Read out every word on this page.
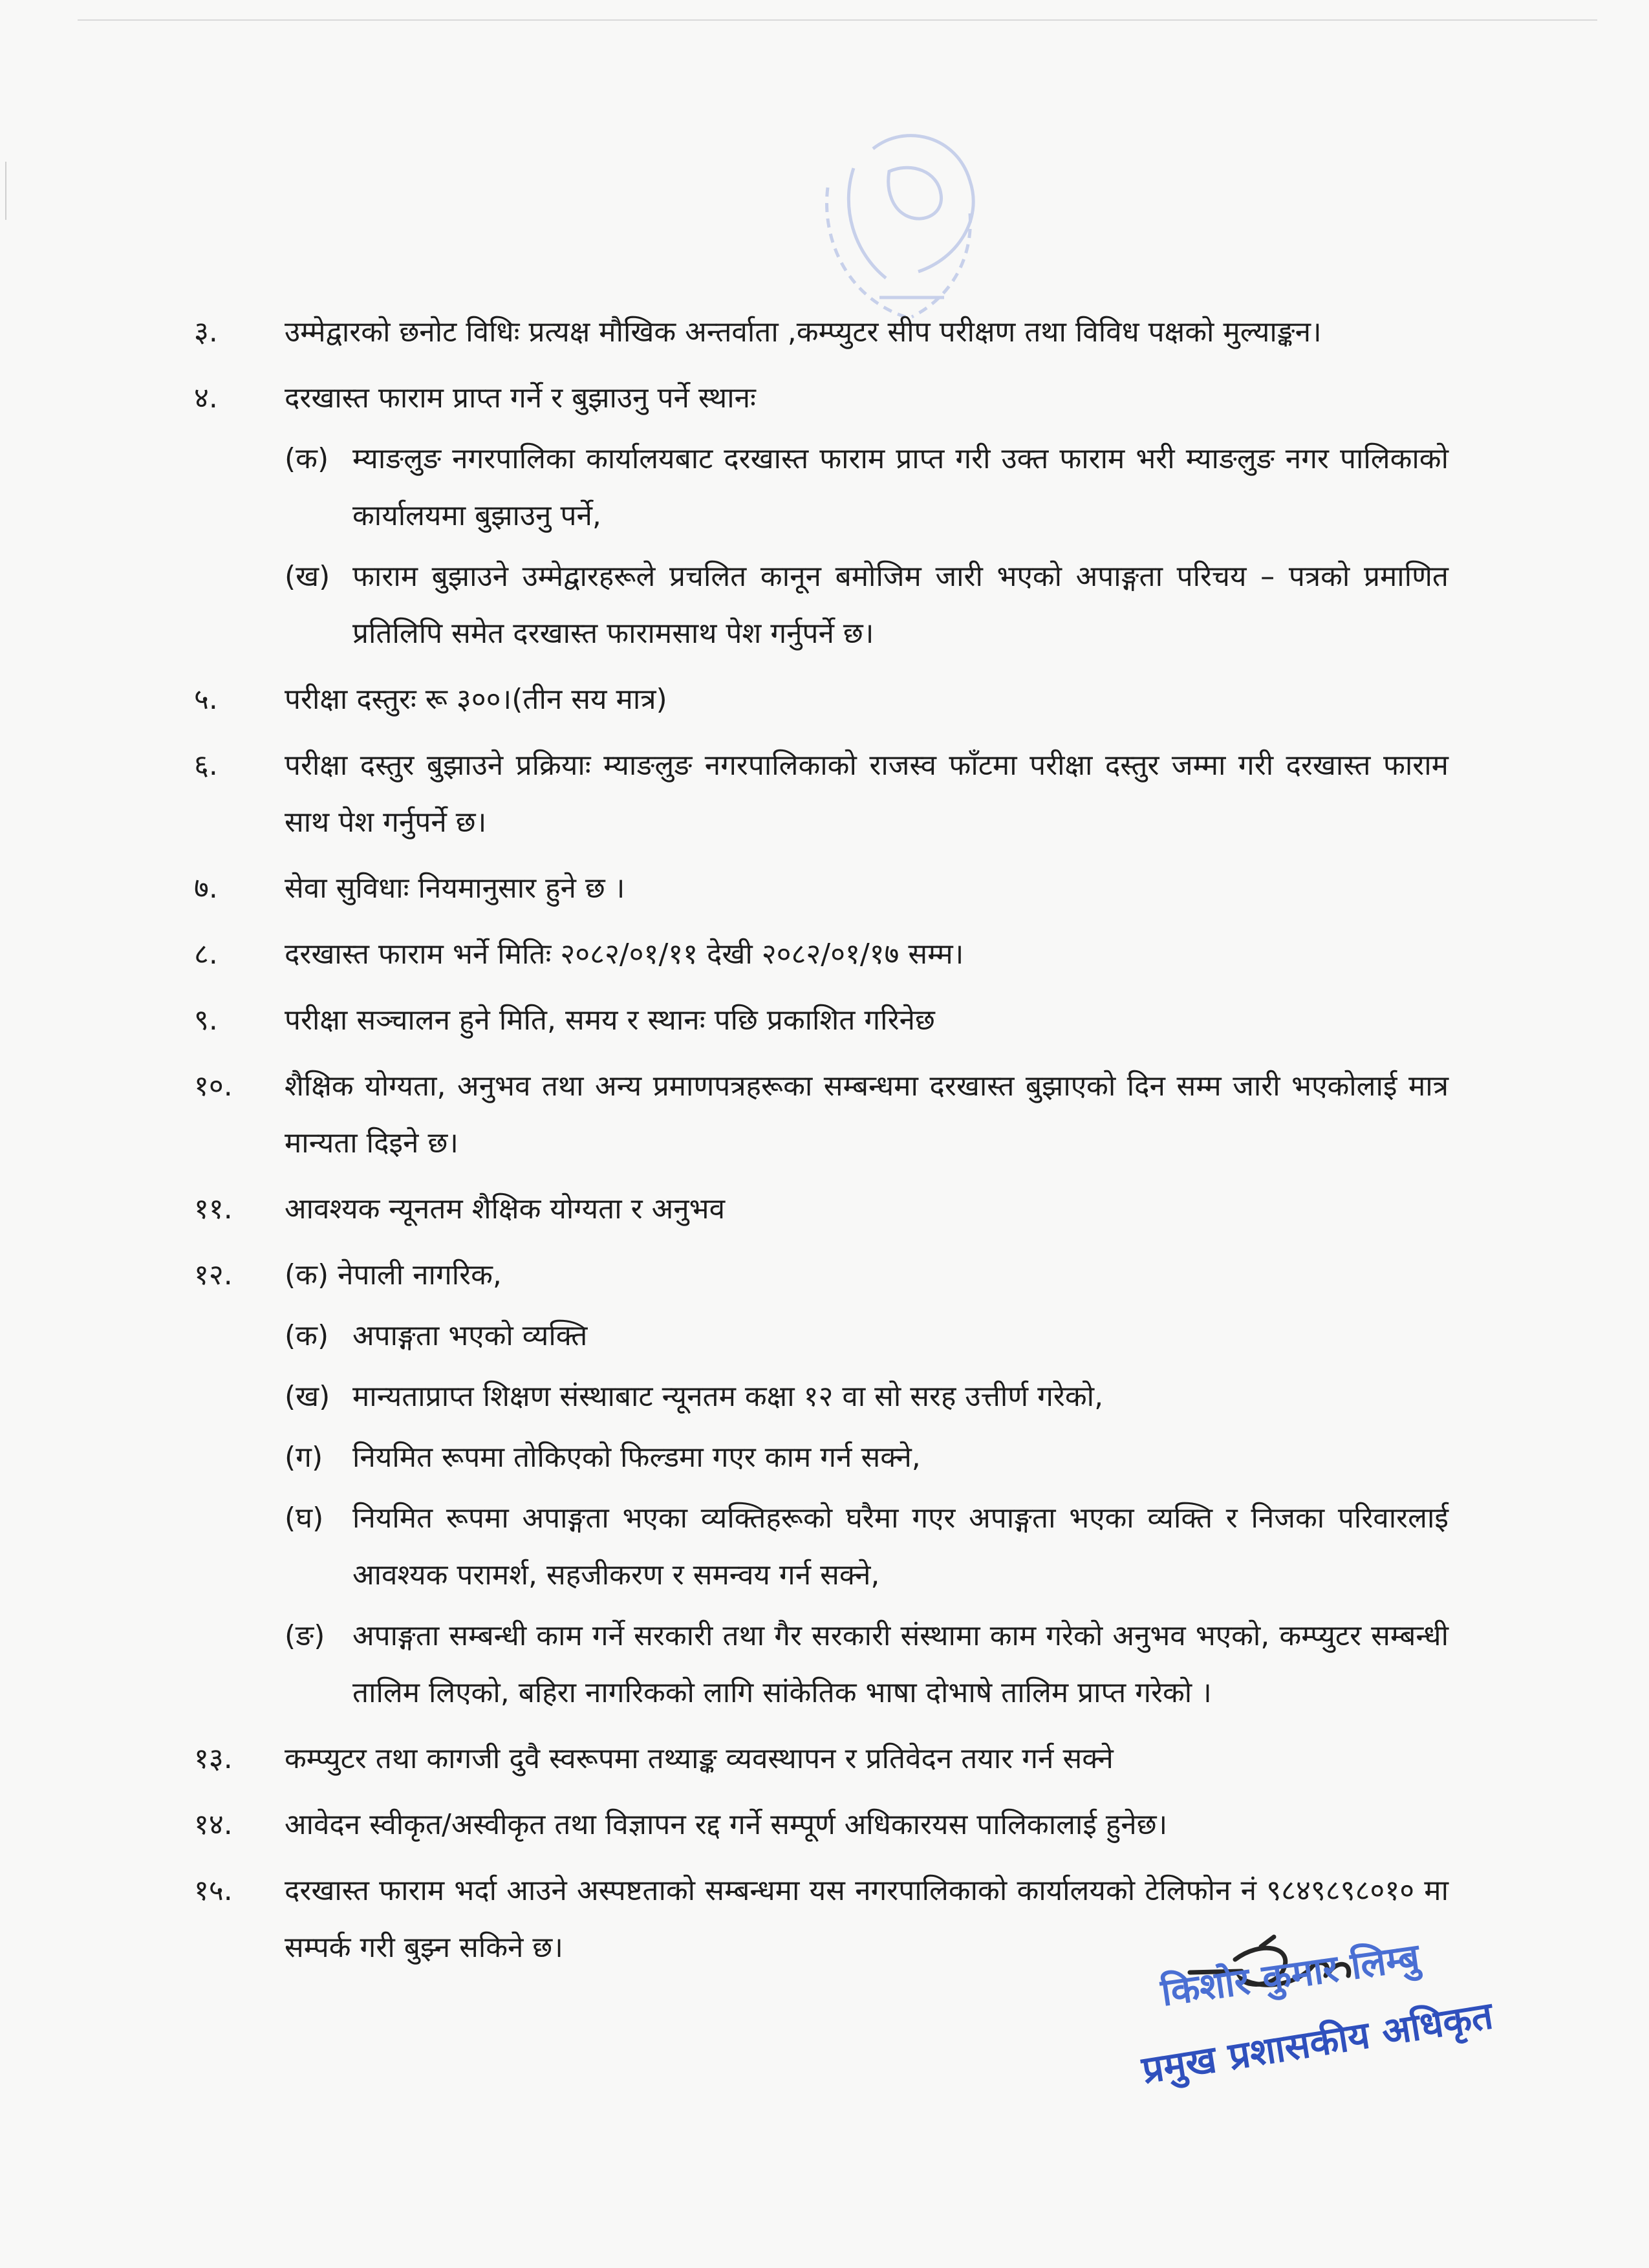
३.	उम्मेद्वारको छनोट विधिः प्रत्यक्ष मौखिक अन्तर्वाता ,कम्प्युटर सीप परीक्षण तथा विविध पक्षको मुल्याङ्कन।
४.	दरखास्त फाराम प्राप्त गर्ने र बुझाउनु पर्ने स्थानः
(क) म्याङलुङ नगरपालिका कार्यालयबाट दरखास्त फाराम प्राप्त गरी उक्त फाराम भरी म्याङलुङ नगर पालिकाको कार्यालयमा बुझाउनु पर्ने,
(ख) फाराम बुझाउने उम्मेद्वारहरूले प्रचलित कानून बमोजिम जारी भएको अपाङ्गता परिचय – पत्रको प्रमाणित प्रतिलिपि समेत दरखास्त फारामसाथ पेश गर्नुपर्ने छ।
५.	परीक्षा दस्तुरः रू ३००।(तीन सय मात्र)
६.	परीक्षा दस्तुर बुझाउने प्रक्रियाः म्याङलुङ नगरपालिकाको राजस्व फाँटमा परीक्षा दस्तुर जम्मा गरी दरखास्त फाराम साथ पेश गर्नुपर्ने छ।
७.	सेवा सुविधाः नियमानुसार हुने छ ।
८.	दरखास्त फाराम भर्ने मितिः २०८२/०१/११ देखी २०८२/०१/१७ सम्म।
९.	परीक्षा सञ्चालन हुने मिति, समय र स्थानः पछि प्रकाशित गरिनेछ
१०.	शैक्षिक योग्यता, अनुभव तथा अन्य प्रमाणपत्रहरूका सम्बन्धमा दरखास्त बुझाएको दिन सम्म जारी भएकोलाई मात्र मान्यता दिइने छ।
११.	आवश्यक न्यूनतम शैक्षिक योग्यता र अनुभव
१२.	(क) नेपाली नागरिक,
(क) अपाङ्गता भएको व्यक्ति
(ख) मान्यताप्राप्त शिक्षण संस्थाबाट न्यूनतम कक्षा १२ वा सो सरह उत्तीर्ण गरेको,
(ग)	नियमित रूपमा तोकिएको फिल्डमा गएर काम गर्न सक्ने,
(घ)	नियमित रूपमा अपाङ्गता भएका व्यक्तिहरूको घरैमा गएर अपाङ्गता भएका व्यक्ति र निजका परिवारलाई आवश्यक परामर्श, सहजीकरण र समन्वय गर्न सक्ने,
(ङ) अपाङ्गता सम्बन्धी काम गर्ने सरकारी तथा गैर सरकारी संस्थामा काम गरेको अनुभव भएको, कम्प्युटर सम्बन्धी तालिम लिएको, बहिरा नागरिकको लागि सांकेतिक भाषा दोभाषे तालिम प्राप्त गरेको ।
१३.	कम्प्युटर तथा कागजी दुवै स्वरूपमा तथ्याङ्क व्यवस्थापन र प्रतिवेदन तयार गर्न सक्ने
१४.	आवेदन स्वीकृत/अस्वीकृत तथा विज्ञापन रद्द गर्ने सम्पूर्ण अधिकारयस पालिकालाई हुनेछ।
१५.	दरखास्त फाराम भर्दा आउने अस्पष्टताको सम्बन्धमा यस नगरपालिकाको कार्यालयको टेलिफोन नं ९८४९८९८०१० मा सम्पर्क गरी बुझ्न सकिने छ।	किशोर कुमार लिम्बु
प्रमुख प्रशासकीय अधिकृत
